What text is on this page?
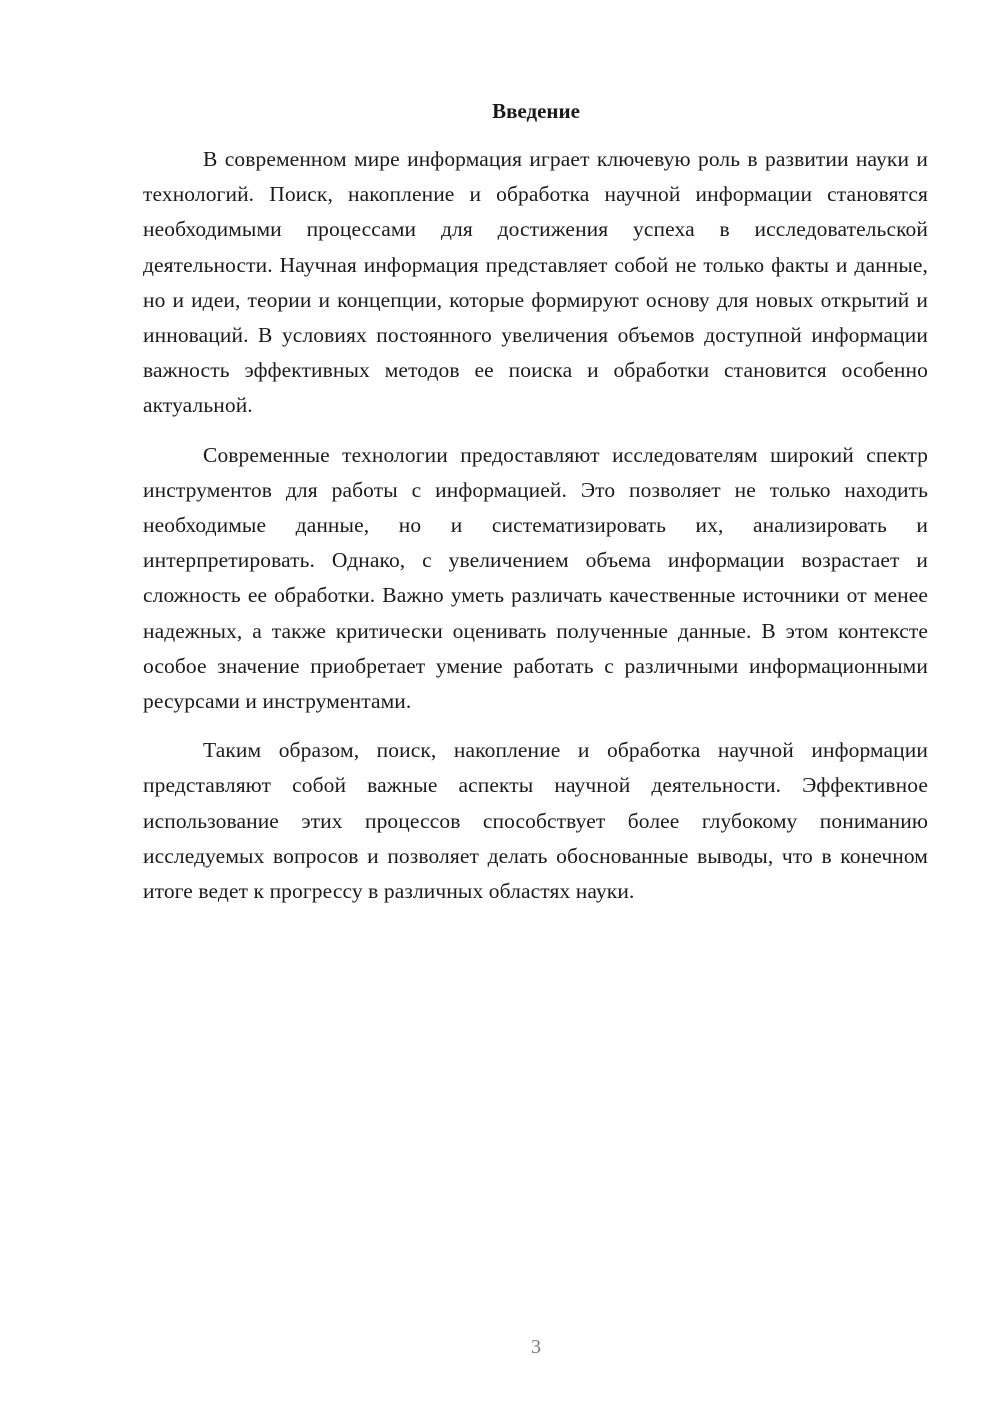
Введение

В современном мире информация играет ключевую роль в развитии науки и технологий. Поиск, накопление и обработка научной информации становятся необходимыми процессами для достижения успеха в исследовательской деятельности. Научная информация представляет собой не только факты и данные, но и идеи, теории и концепции, которые формируют основу для новых открытий и инноваций. В условиях постоянного увеличения объемов доступной информации важность эффективных методов ее поиска и обработки становится особенно актуальной.

Современные технологии предоставляют исследователям широкий спектр инструментов для работы с информацией. Это позволяет не только находить необходимые данные, но и систематизировать их, анализировать и интерпретировать. Однако, с увеличением объема информации возрастает и сложность ее обработки. Важно уметь различать качественные источники от менее надежных, а также критически оценивать полученные данные. В этом контексте особое значение приобретает умение работать с различными информационными ресурсами и инструментами.

Таким образом, поиск, накопление и обработка научной информации представляют собой важные аспекты научной деятельности. Эффективное использование этих процессов способствует более глубокому пониманию исследуемых вопросов и позволяет делать обоснованные выводы, что в конечном итоге ведет к прогрессу в различных областях науки.

3
